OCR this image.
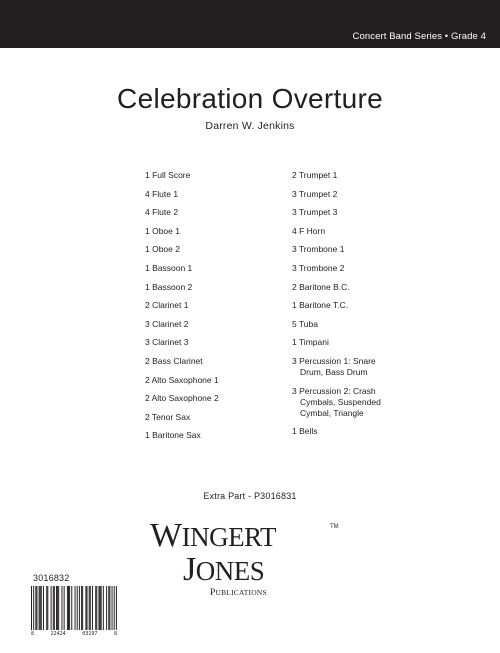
Concert Band Series • Grade 4
Celebration Overture
Darren W. Jenkins
1 Full Score
4 Flute 1
4 Flute 2
1 Oboe 1
1 Oboe 2
1 Bassoon 1
1 Bassoon 2
2 Clarinet 1
3 Clarinet 2
3 Clarinet 3
2 Bass Clarinet
2 Alto Saxophone 1
2 Alto Saxophone 2
2 Tenor Sax
1 Baritone Sax
2 Trumpet 1
3 Trumpet 2
3 Trumpet 3
4 F Horn
3 Trombone 1
3 Trombone 2
2 Baritone B.C.
1 Baritone T.C.
5 Tuba
1 Timpani
3 Percussion 1: Snare
Drum, Bass Drum
3 Percussion 2: Crash
Cymbals, Suspended
Cymbal, Triangle
1 Bells
Extra Part - P3016831
WINGERT	TM
JONES
PUBLICATIONS
3016832
8	22424	03197	8
